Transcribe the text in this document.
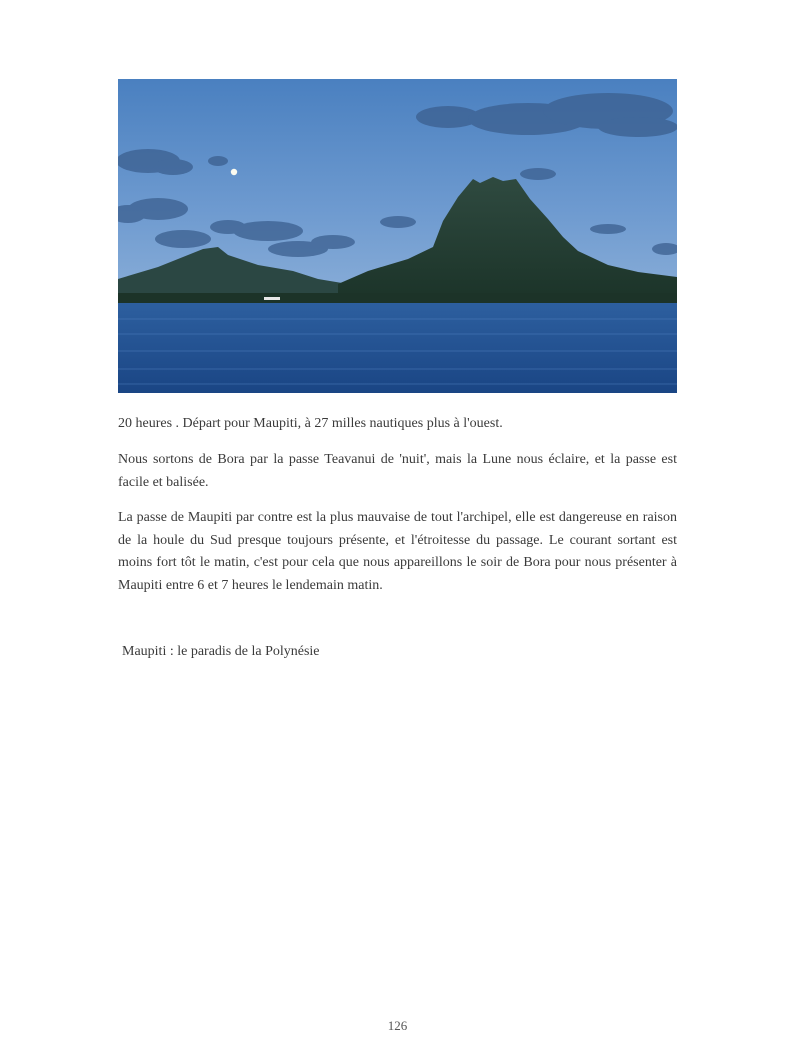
20 heures . Départ pour Maupiti, à 27 milles nautiques plus à l'ouest.
Nous sortons de Bora par la passe Teavanui de 'nuit', mais la Lune nous éclaire, et la passe est facile et balisée.
La passe de Maupiti par contre est la plus mauvaise de tout l'archipel, elle est dangereuse en raison de la houle du Sud presque toujours présente, et l'étroitesse du passage. Le courant sortant est moins fort tôt le matin, c'est pour cela que nous appareillons le soir de Bora pour nous présenter à Maupiti entre 6 et 7 heures le lendemain matin.
Maupiti : le paradis de la Polynésie
126
